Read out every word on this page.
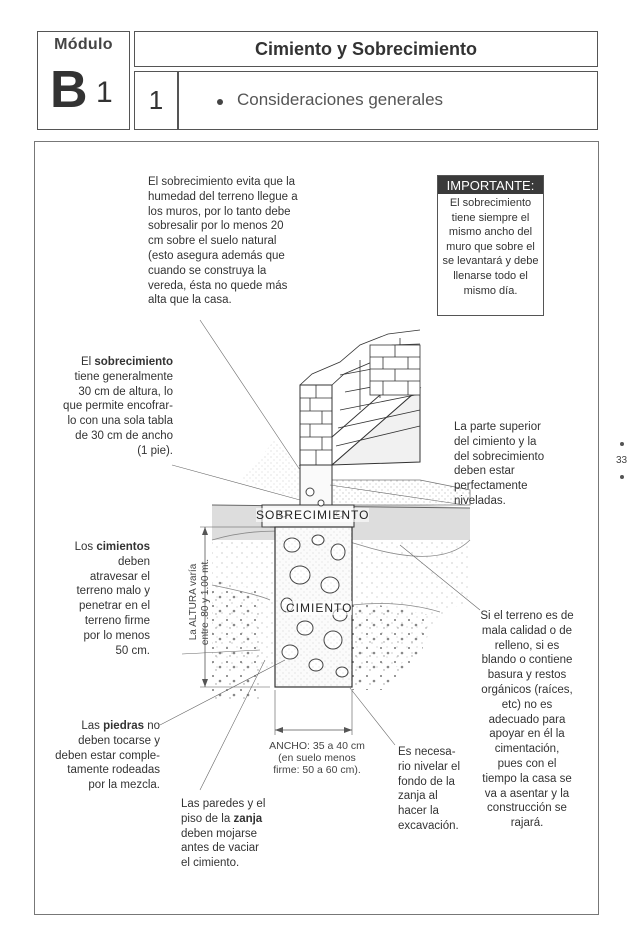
Módulo
B 1
Cimiento y Sobrecimiento
1	Consideraciones generales
SOBRECIMIENTO
CIMIENTO
La ALTURA varía entre .80 y 1.00 mt.
ANCHO: 35 a 40 cm
(en suelo menos
firme: 50 a 60 cm).
El sobrecimiento evita que la
humedad del terreno llegue a
los muros, por lo tanto debe
sobresalir por lo menos 20
cm sobre el suelo natural
(esto asegura además que
cuando se construya la
vereda, ésta no quede más
alta que la casa.
El sobrecimiento
tiene generalmente
30 cm de altura, lo
que permite encofrar-
lo con una sola tabla
de 30 cm de ancho
(1 pie).
Los cimientos
deben
atravesar el
terreno malo y
penetrar en el
terreno firme
por lo menos
50 cm.
Las piedras no
deben tocarse y
deben estar comple-
tamente rodeadas
por la mezcla.
Las paredes y el
piso de la zanja
deben mojarse
antes de vaciar
el cimiento.
Es necesa-
rio nivelar el
fondo de la
zanja al
hacer la
excavación.
La parte superior
del cimiento y la
del sobrecimiento
deben estar
perfectamente
niveladas.
Si el terreno es de
mala calidad o de
relleno, si es
blando o contiene
basura y restos
orgánicos (raíces,
etc) no es
adecuado para
apoyar en él la
cimentación,
pues con el
tiempo la casa se
va a asentar y la
construcción se
rajará.
IMPORTANTE:
El sobrecimiento
tiene siempre el
mismo ancho del
muro que sobre el
se levantará y debe
llenarse todo el
mismo día.
33
